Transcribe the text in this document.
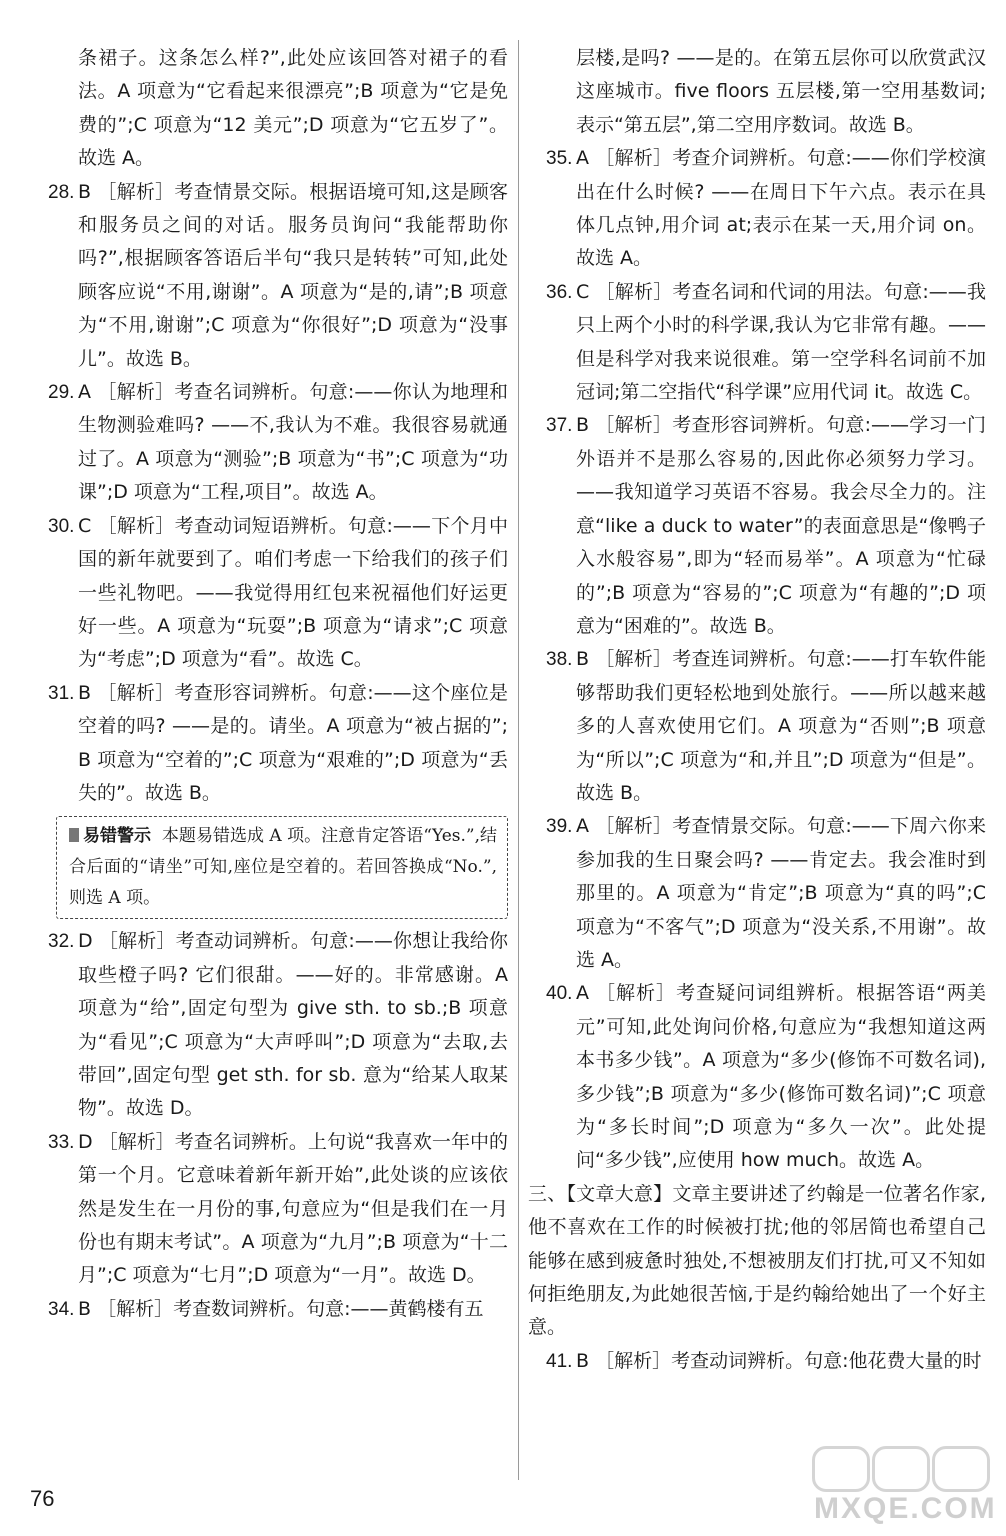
条裙子。这条怎么样?”,此处应该回答对裙子的看法。A 项意为“它看起来很漂亮”;B 项意为“它是免费的”;C 项意为“12 美元”;D 项意为“它五岁了”。故选 A。

28. B ［解析］考查情景交际。根据语境可知,这是顾客和服务员之间的对话。服务员询问“我能帮助你吗?”,根据顾客答语后半句“我只是转转”可知,此处顾客应说“不用,谢谢”。A 项意为“是的,请”;B 项意为“不用,谢谢”;C 项意为“你很好”;D 项意为“没事儿”。故选 B。

29. A ［解析］考查名词辨析。句意:——你认为地理和生物测验难吗? ——不,我认为不难。我很容易就通过了。A 项意为“测验”;B 项意为“书”;C 项意为“功课”;D 项意为“工程,项目”。故选 A。

30. C ［解析］考查动词短语辨析。句意:——下个月中国的新年就要到了。咱们考虑一下给我们的孩子们一些礼物吧。——我觉得用红包来祝福他们好运更好一些。A 项意为“玩耍”;B 项意为“请求”;C 项意为“考虑”;D 项意为“看”。故选 C。

31. B ［解析］考查形容词辨析。句意:——这个座位是空着的吗? ——是的。请坐。A 项意为“被占据的”;B 项意为“空着的”;C 项意为“艰难的”;D 项意为“丢失的”。故选 B。

易错警示 本题易错选成 A 项。注意肯定答语“Yes.”,结合后面的“请坐”可知,座位是空着的。若回答换成“No.”,则选 A 项。
32. D ［解析］考查动词辨析。句意:——你想让我给你取些橙子吗? 它们很甜。——好的。非常感谢。A 项意为“给”,固定句型为 give sth. to sb.;B 项意为“看见”;C 项意为“大声呼叫”;D 项意为“去取,去带回”,固定句型 get sth. for sb. 意为“给某人取某物”。故选 D。

33. D ［解析］考查名词辨析。上句说“我喜欢一年中的第一个月。它意味着新年新开始”,此处谈的应该依然是发生在一月份的事,句意应为“但是我们在一月份也有期末考试”。A 项意为“九月”;B 项意为“十二月”;C 项意为“七月”;D 项意为“一月”。故选 D。

34. B ［解析］考查数词辨析。句意:——黄鹤楼有五

层楼,是吗? ——是的。在第五层你可以欣赏武汉这座城市。five floors 五层楼,第一空用基数词;表示“第五层”,第二空用序数词。故选 B。

35. A ［解析］考查介词辨析。句意:——你们学校演出在什么时候? ——在周日下午六点。表示在具体几点钟,用介词 at;表示在某一天,用介词 on。故选 A。

36. C ［解析］考查名词和代词的用法。句意:——我只上两个小时的科学课,我认为它非常有趣。——但是科学对我来说很难。第一空学科名词前不加冠词;第二空指代“科学课”应用代词 it。故选 C。

37. B ［解析］考查形容词辨析。句意:——学习一门外语并不是那么容易的,因此你必须努力学习。——我知道学习英语不容易。我会尽全力的。注意“like a duck to water”的表面意思是“像鸭子入水般容易”,即为“轻而易举”。A 项意为“忙碌的”;B 项意为“容易的”;C 项意为“有趣的”;D 项意为“困难的”。故选 B。

38. B ［解析］考查连词辨析。句意:——打车软件能够帮助我们更轻松地到处旅行。——所以越来越多的人喜欢使用它们。A 项意为“否则”;B 项意为“所以”;C 项意为“和,并且”;D 项意为“但是”。故选 B。

39. A ［解析］考查情景交际。句意:——下周六你来参加我的生日聚会吗? ——肯定去。我会准时到那里的。A 项意为“肯定”;B 项意为“真的吗”;C 项意为“不客气”;D 项意为“没关系,不用谢”。故选 A。

40. A ［解析］考查疑问词组辨析。根据答语“两美元”可知,此处询问价格,句意应为“我想知道这两本书多少钱”。A 项意为“多少(修饰不可数名词),多少钱”;B 项意为“多少(修饰可数名词)”;C 项意为“多长时间”;D 项意为“多久一次”。此处提问“多少钱”,应使用 how much。故选 A。

三、【文章大意】文章主要讲述了约翰是一位著名作家,他不喜欢在工作的时候被打扰;他的邻居简也希望自己能够在感到疲惫时独处,不想被朋友们打扰,可又不知如何拒绝朋友,为此她很苦恼,于是约翰给她出了一个好主意。

41. B ［解析］考查动词辨析。句意:他花费大量的时

76	MXQE.COM
